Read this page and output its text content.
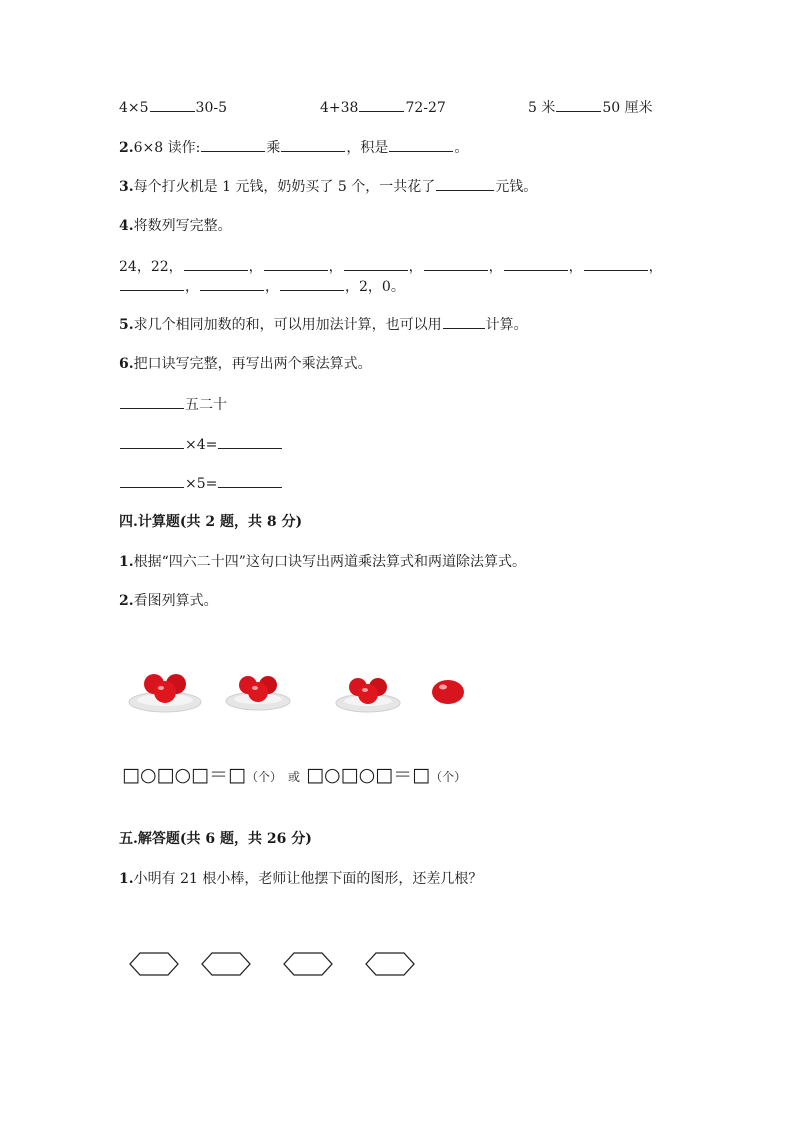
4×5	30-5	4+38	72-27	5 米	50 厘米
2.6×8 读作:	乘	，积是	。
3.每个打火机是 1 元钱，奶奶买了 5 个，一共花了	元钱。
4.将数列写完整。
24，22，	，	，	，	，	，	，
，	，	，2，0。
5.求几个相同加数的和，可以用加法计算，也可以用	计算。
6.把口诀写完整，再写出两个乘法算式。
五二十
×4=
×5=
四.计算题(共 2 题，共 8 分)
1.根据“四六二十四”这句口诀写出两道乘法算式和两道除法算式。
2.看图列算式。
□○□○□＝□（个） 或 □○□○□＝□（个）
五.解答题(共 6 题，共 26 分)
1.小明有 21 根小棒，老师让他摆下面的图形，还差几根？
